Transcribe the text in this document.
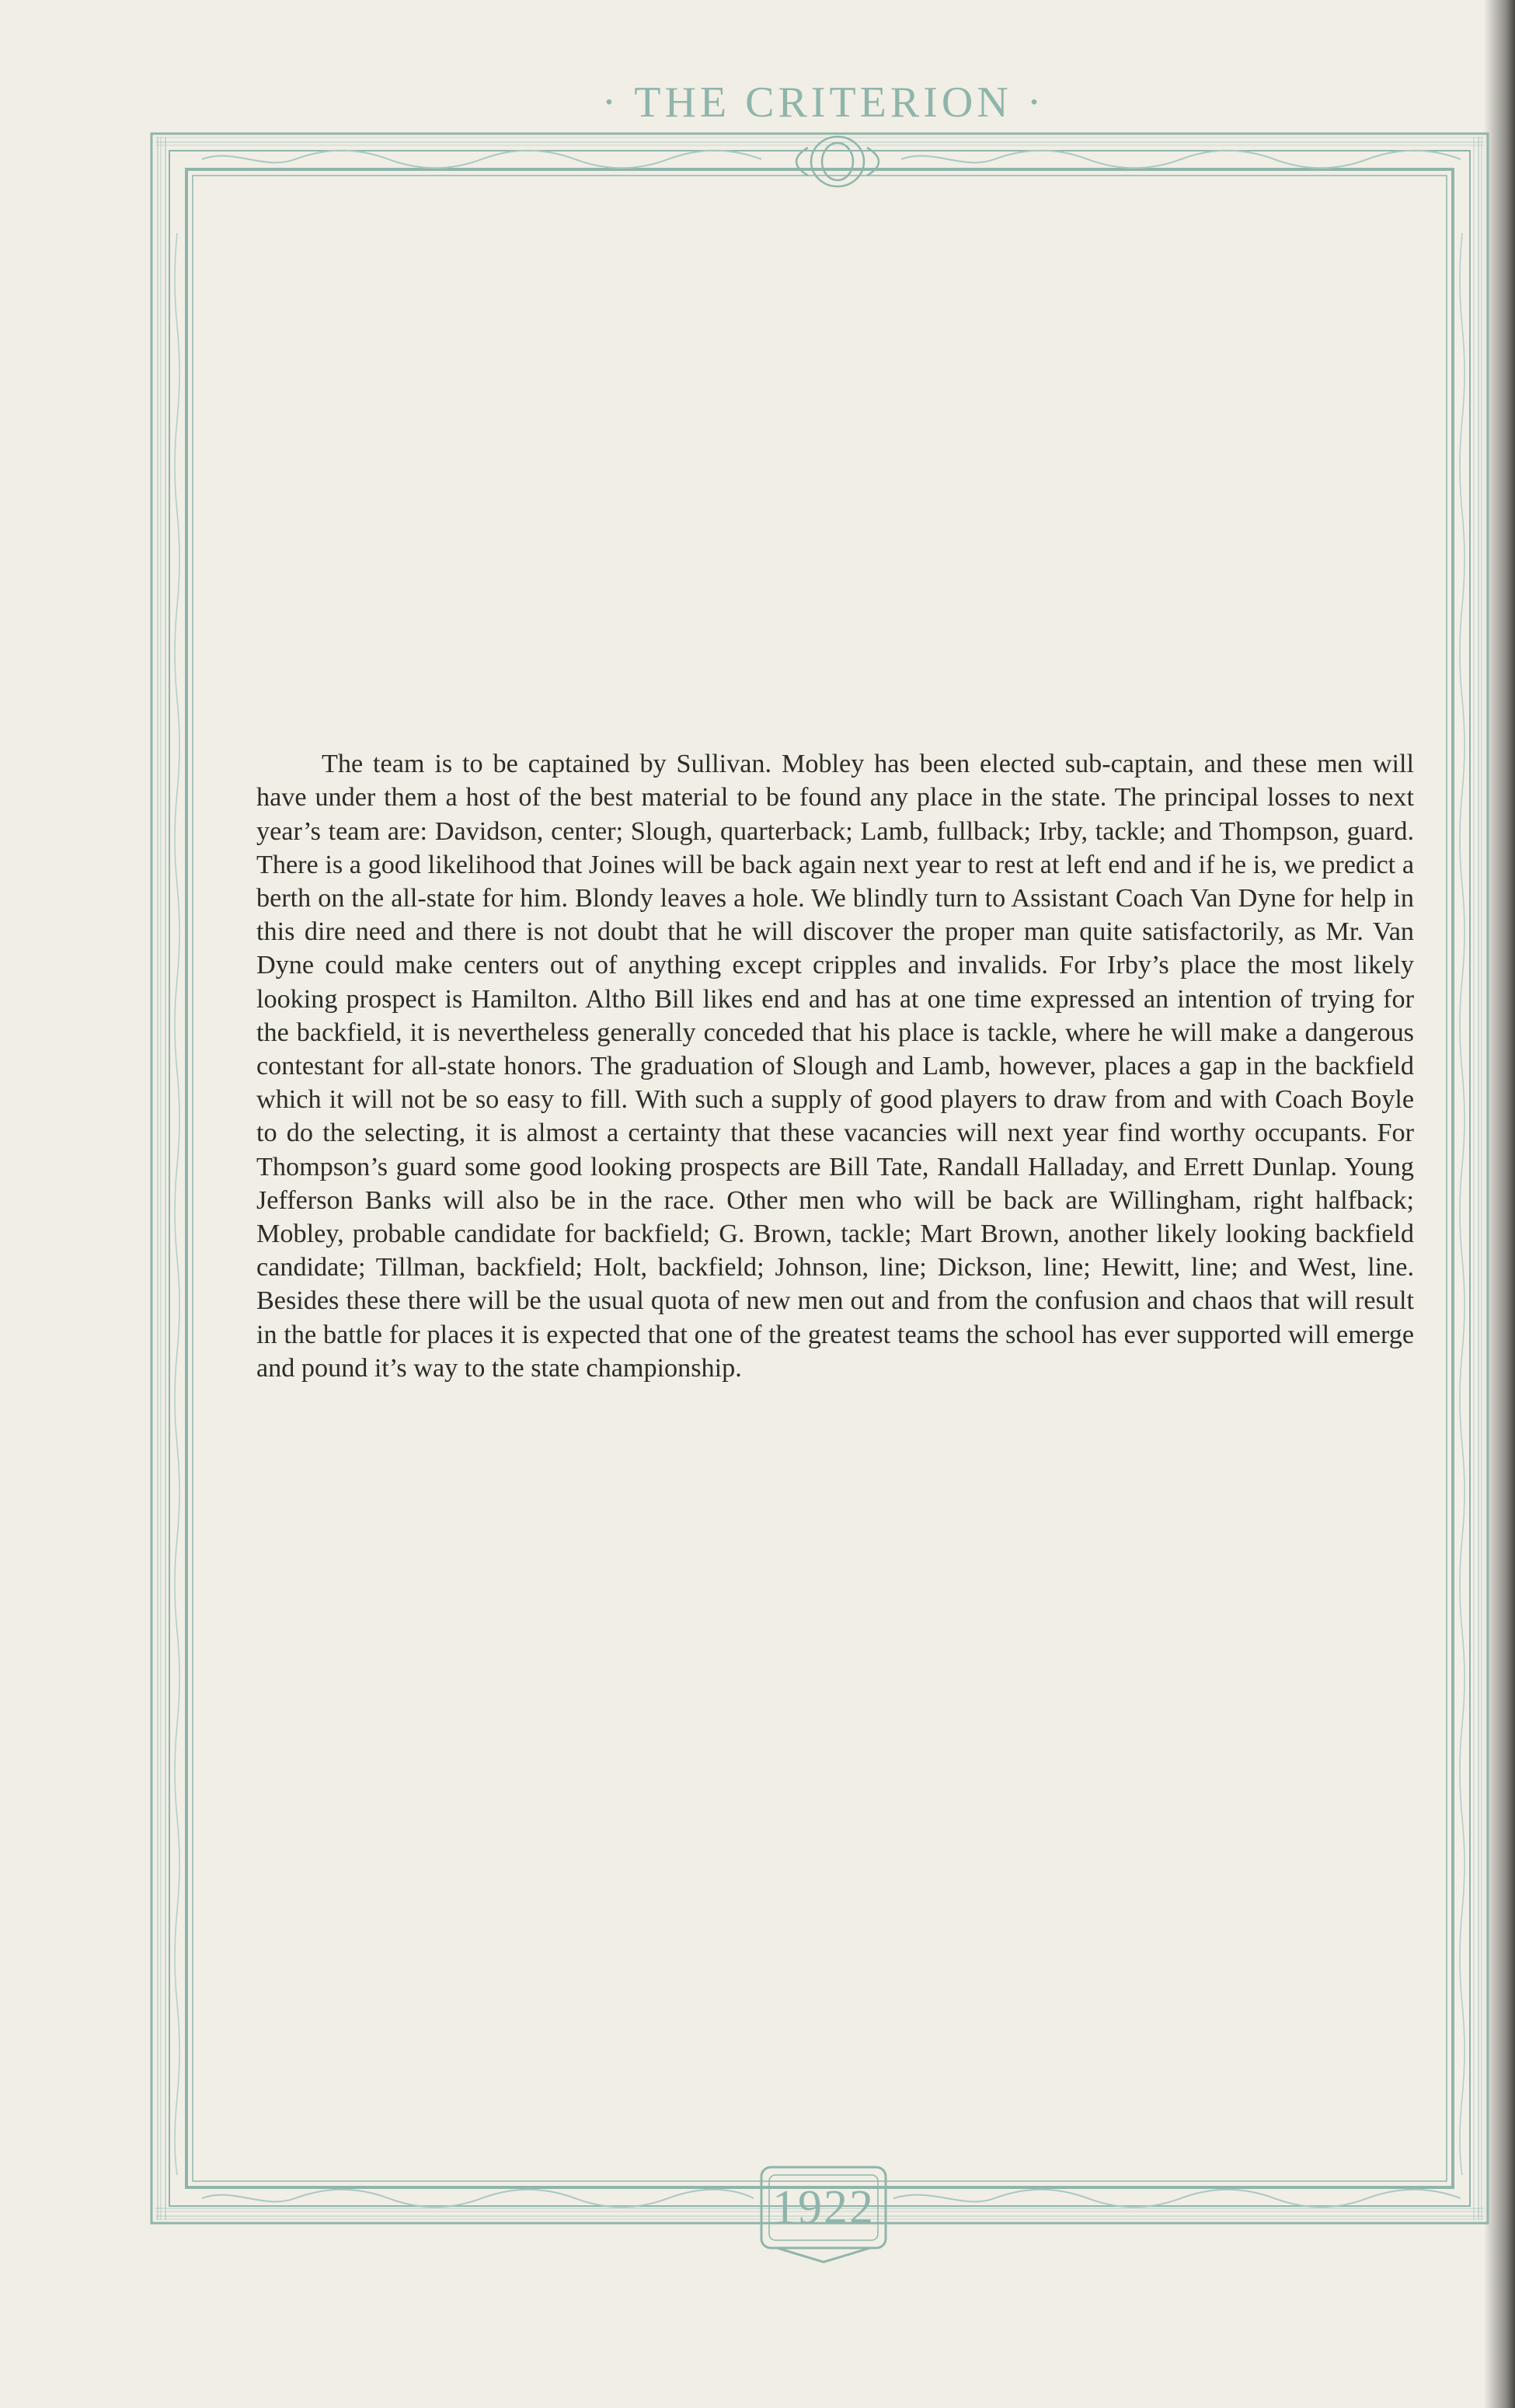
· THE CRITERION ·
1922

The team is to be captained by Sullivan. Mobley has been elected sub-captain, and these men will have under them a host of the best material to be found any place in the state. The principal losses to next year’s team are: Davidson, center; Slough, quarterback; Lamb, fullback; Irby, tackle; and Thompson, guard. There is a good likelihood that Joines will be back again next year to rest at left end and if he is, we predict a berth on the all-state for him. Blondy leaves a hole. We blindly turn to Assistant Coach Van Dyne for help in this dire need and there is not doubt that he will discover the proper man quite satisfactorily, as Mr. Van Dyne could make centers out of anything except cripples and invalids. For Irby’s place the most likely looking prospect is Hamilton. Altho Bill likes end and has at one time expressed an intention of trying for the backfield, it is nevertheless generally conceded that his place is tackle, where he will make a dangerous contestant for all-state honors. The graduation of Slough and Lamb, however, places a gap in the backfield which it will not be so easy to fill. With such a supply of good players to draw from and with Coach Boyle to do the selecting, it is almost a certainty that these vacancies will next year find worthy occupants. For Thompson’s guard some good looking prospects are Bill Tate, Randall Halladay, and Errett Dunlap. Young Jefferson Banks will also be in the race. Other men who will be back are Willingham, right halfback; Mobley, probable candidate for backfield; G. Brown, tackle; Mart Brown, another likely looking backfield candidate; Tillman, backfield; Holt, backfield; Johnson, line; Dickson, line; Hewitt, line; and West, line. Besides these there will be the usual quota of new men out and from the confusion and chaos that will result in the battle for places it is expected that one of the greatest teams the school has ever supported will emerge and pound it’s way to the state championship.
